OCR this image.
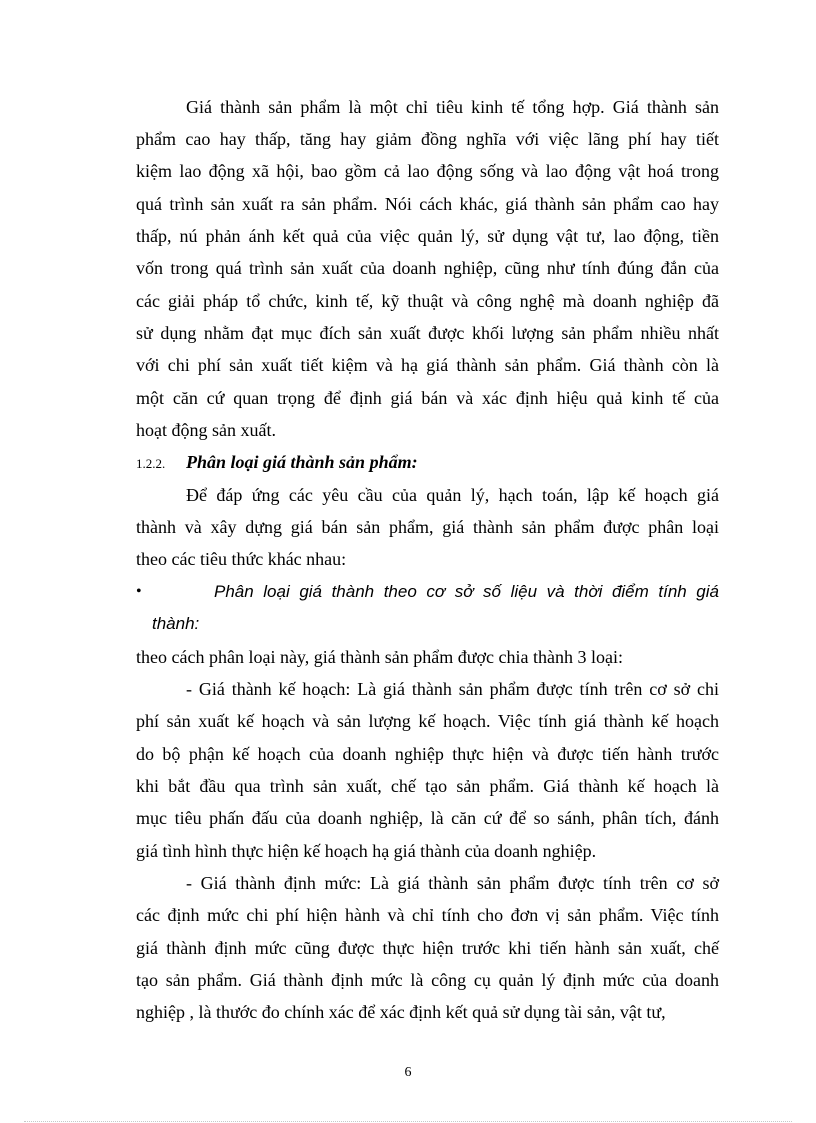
Giá thành sản phẩm là một chỉ tiêu kinh tế tổng hợp. Giá thành sản
phẩm cao hay thấp, tăng hay giảm đồng nghĩa với việc lãng phí hay tiết
kiệm lao động xã hội, bao gồm cả lao động sống và lao động vật hoá trong
quá trình sản xuất ra sản phẩm. Nói cách khác, giá thành sản phẩm cao hay
thấp, nú phản ánh kết quả của việc quản lý, sử dụng vật tư, lao động, tiền
vốn trong quá trình sản xuất của doanh nghiệp, cũng như tính đúng đắn của
các giải pháp tổ chức, kinh tế, kỹ thuật và công nghệ mà doanh nghiệp đã
sử dụng nhằm đạt mục đích sản xuất được khối lượng sản phẩm nhiều nhất
với chi phí sản xuất tiết kiệm và hạ giá thành sản phẩm. Giá thành còn là
một căn cứ quan trọng để định giá bán và xác định hiệu quả kinh tế của
hoạt động sản xuất.
1.2.2. Phân loại giá thành sản phẩm:
Để đáp ứng các yêu cầu của quản lý, hạch toán, lập kế hoạch giá
thành và xây dựng giá bán sản phẩm, giá thành sản phẩm được phân loại
theo các tiêu thức khác nhau:
•	Phân loại giá thành theo cơ sở số liệu và thời điểm tính giá
thành:
theo cách phân loại này, giá thành sản phẩm được chia thành 3 loại:
- Giá thành kế hoạch: Là giá thành sản phẩm được tính trên cơ sở chi
phí sản xuất kế hoạch và sản lượng kế hoạch. Việc tính giá thành kế hoạch
do bộ phận kế hoạch của doanh nghiệp thực hiện và được tiến hành trước
khi bắt đầu qua trình sản xuất, chế tạo sản phẩm. Giá thành kế hoạch là
mục tiêu phấn đấu của doanh nghiệp, là căn cứ để so sánh, phân tích, đánh
giá tình hình thực hiện kế hoạch hạ giá thành của doanh nghiệp.
- Giá thành định mức: Là giá thành sản phẩm được tính trên cơ sở
các định mức chi phí hiện hành và chỉ tính cho đơn vị sản phẩm. Việc tính
giá thành định mức cũng được thực hiện trước khi tiến hành sản xuất, chế
tạo sản phẩm. Giá thành định mức là công cụ quản lý định mức của doanh
nghiệp , là thước đo chính xác để xác định kết quả sử dụng tài sản, vật tư,
6
